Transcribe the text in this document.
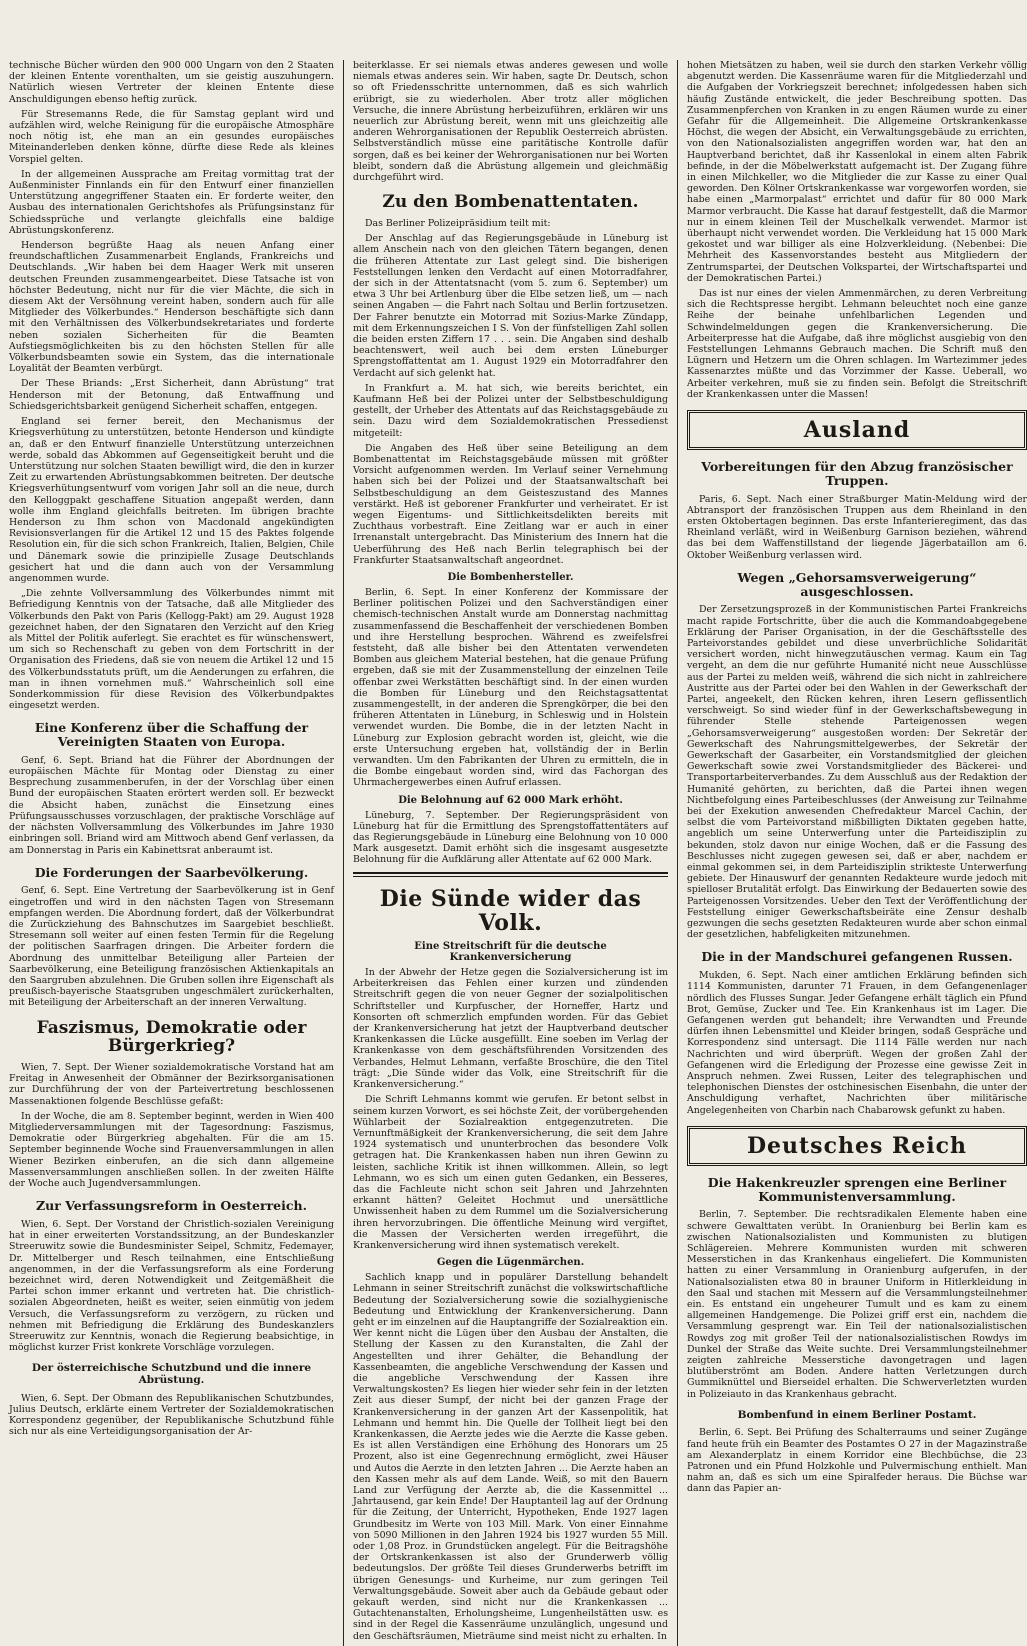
technische Bücher würden den 900 000 Ungarn von den 2 Staaten der kleinen Entente vorenthalten, um sie geistig auszuhungern. Natürlich wiesen Vertreter der kleinen Entente diese Anschuldigungen ebenso heftig zurück.

Für Stresemanns Rede, die für Samstag geplant wird und aufzählen wird, welche Reinigung für die europäische Atmosphäre noch nötig ist, ehe man an ein gesundes europäisches Miteinanderleben denken könne, dürfte diese Rede als kleines Vorspiel gelten.

In der allgemeinen Aussprache am Freitag vormittag trat der Außenminister Finnlands ein für den Entwurf einer finanziellen Unterstützung angegriffener Staaten ein. Er forderte weiter, den Ausbau des internationalen Gerichtshofes als Prüfungsinstanz für Schiedssprüche und verlangte gleichfalls eine baldige Abrüstungskonferenz.

Henderson begrüßte Haag als neuen Anfang einer freundschaftlichen Zusammenarbeit Englands, Frankreichs und Deutschlands. „Wir haben bei dem Haager Werk mit unseren deutschen Freunden zusammengearbeitet. Diese Tatsache ist von höchster Bedeutung, nicht nur für die vier Mächte, die sich in diesem Akt der Versöhnung vereint haben, sondern auch für alle Mitglieder des Völkerbundes.“ Henderson beschäftigte sich dann mit den Verhältnissen des Völkerbundsekretariates und forderte neben sozialen Sicherheiten für die Beamten Aufstiegsmöglichkeiten bis zu den höchsten Stellen für alle Völkerbundsbeamten sowie ein System, das die internationale Loyalität der Beamten verbürgt.

Der These Briands: „Erst Sicherheit, dann Abrüstung“ trat Henderson mit der Betonung, daß Entwaffnung und Schiedsgerichtsbarkeit genügend Sicherheit schaffen, entgegen.

England sei ferner bereit, den Mechanismus der Kriegsverhütung zu unterstützen, betonte Henderson und kündigte an, daß er den Entwurf finanzielle Unterstützung unterzeichnen werde, sobald das Abkommen auf Gegenseitigkeit beruht und die Unterstützung nur solchen Staaten bewilligt wird, die den in kurzer Zeit zu erwartenden Abrüstungsabkommen beitreten. Der deutsche Kriegsverhütungsentwurf vom vorigen Jahr soll an die neue, durch den Kelloggpakt geschaffene Situation angepaßt werden, dann wolle ihm England gleichfalls beitreten. Im übrigen brachte Henderson zu Ihm schon von Macdonald angekündigten Revisionsverlangen für die Artikel 12 und 15 des Paktes folgende Resolution ein, für die sich schon Frankreich, Italien, Belgien, Chile und Dänemark sowie die prinzipielle Zusage Deutschlands gesichert hat und die dann auch von der Versammlung angenommen wurde.

„Die zehnte Vollversammlung des Völkerbundes nimmt mit Befriedigung Kenntnis von der Tatsache, daß alle Mitglieder des Völkerbunds den Pakt von Paris (Kellogg-Pakt) am 29. August 1928 gezeichnet haben, der den Signataren den Verzicht auf den Krieg als Mittel der Politik auferlegt. Sie erachtet es für wünschenswert, um sich so Rechenschaft zu geben von dem Fortschritt in der Organisation des Friedens, daß sie von neuem die Artikel 12 und 15 des Völkerbundsstatuts prüft, um die Aenderungen zu erfahren, die man in ihnen vornehmen muß.“ Wahrscheinlich soll eine Sonderkommission für diese Revision des Völkerbundpaktes eingesetzt werden.

Eine Konferenz über die Schaffung der Vereinigten Staaten von Europa.

Genf, 6. Sept. Briand hat die Führer der Abordnungen der europäischen Mächte für Montag oder Dienstag zu einer Besprechung zusammenberufen, in der der Vorschlag über einen Bund der europäischen Staaten erörtert werden soll. Er bezweckt die Absicht haben, zunächst die Einsetzung eines Prüfungsausschusses vorzuschlagen, der praktische Vorschläge auf der nächsten Vollversammlung des Völkerbundes im Jahre 1930 einbringen soll. Briand wird am Mittwoch abend Genf verlassen, da am Donnerstag in Paris ein Kabinettsrat anberaumt ist.

Die Forderungen der Saarbevölkerung.

Genf, 6. Sept. Eine Vertretung der Saarbevölkerung ist in Genf eingetroffen und wird in den nächsten Tagen von Stresemann empfangen werden. Die Abordnung fordert, daß der Völkerbundrat die Zurückziehung des Bahnschutzes im Saargebiet beschließt. Stresemann soll weiter auf einen festen Termin für die Regelung der politischen Saarfragen dringen. Die Arbeiter fordern die Abordnung des unmittelbar Beteiligung aller Parteien der Saarbevölkerung, eine Beteiligung französischen Aktienkapitals an den Saargruben abzulehnen. Die Gruben sollen ihre Eigenschaft als preußisch-bayerische Staatsgruben ungeschmälert zurückerhalten, mit Beteiligung der Arbeiterschaft an der inneren Verwaltung.

Faszismus, Demokratie oder Bürgerkrieg?

Wien, 7. Sept. Der Wiener sozialdemokratische Vorstand hat am Freitag in Anwesenheit der Obmänner der Bezirksorganisationen zur Durchführung der von der Parteivertretung beschlossenen Massenaktionen folgende Beschlüsse gefaßt:

In der Woche, die am 8. September beginnt, werden in Wien 400 Mitgliederversammlungen mit der Tagesordnung: Faszismus, Demokratie oder Bürgerkrieg abgehalten. Für die am 15. September beginnende Woche sind Frauenversammlungen in allen Wiener Bezirken einberufen, an die sich dann allgemeine Massenversammlungen anschließen sollen. In der zweiten Hälfte der Woche auch Jugendversammlungen.

Zur Verfassungsreform in Oesterreich.

Wien, 6. Sept. Der Vorstand der Christlich-sozialen Vereinigung hat in einer erweiterten Vorstandssitzung, an der Bundeskanzler Streeruwitz sowie die Bundesminister Seipel, Schmitz, Fedemayer, Dr. Mittelberger und Resch teilnahmen, eine Entschließung angenommen, in der die Verfassungsreform als eine Forderung bezeichnet wird, deren Notwendigkeit und Zeitgemäßheit die Partei schon immer erkannt und vertreten hat. Die christlich-sozialen Abgeordneten, heißt es weiter, seien einmütig von jedem Versuch, die Verfassungsreform zu verzögern, zu rücken und nehmen mit Befriedigung die Erklärung des Bundeskanzlers Streeruwitz zur Kenntnis, wonach die Regierung beabsichtige, in möglichst kurzer Frist konkrete Vorschläge vorzulegen.

Der österreichische Schutzbund und die innere Abrüstung.

Wien, 6. Sept. Der Obmann des Republikanischen Schutzbundes, Julius Deutsch, erklärte einem Vertreter der Sozialdemokratischen Korrespondenz gegenüber, der Republikanische Schutzbund fühle sich nur als eine Verteidigungsorganisation der Ar-

beiterklasse. Er sei niemals etwas anderes gewesen und wolle niemals etwas anderes sein. Wir haben, sagte Dr. Deutsch, schon so oft Friedensschritte unternommen, daß es sich wahrlich erübrigt, sie zu wiederholen. Aber trotz aller möglichen Versuche, die innere Abrüstung herbeizuführen, erklären wir uns neuerlich zur Abrüstung bereit, wenn mit uns gleichzeitig alle anderen Wehrorganisationen der Republik Oesterreich abrüsten. Selbstverständlich müsse eine paritätische Kontrolle dafür sorgen, daß es bei keiner der Wehrorganisationen nur bei Worten bleibt, sondern daß die Abrüstung allgemein und gleichmäßig durchgeführt wird.

Zu den Bombenattentaten.

Das Berliner Polizeipräsidium teilt mit:

Der Anschlag auf das Regierungsgebäude in Lüneburg ist allem Anschein nach von den gleichen Tätern begangen, denen die früheren Attentate zur Last gelegt sind. Die bisherigen Feststellungen lenken den Verdacht auf einen Motorradfahrer, der sich in der Attentatsnacht (vom 5. zum 6. September) um etwa 3 Uhr bei Artlenburg über die Elbe setzen ließ, um — nach seinen Angaben — die Fahrt nach Soltau und Berlin fortzusetzen. Der Fahrer benutzte ein Motorrad mit Sozius-Marke Zündapp, mit dem Erkennungszeichen I S. Von der fünfstelligen Zahl sollen die beiden ersten Ziffern 17 . . . sein. Die Angaben sind deshalb beachtenswert, weil auch bei dem ersten Lüneburger Sprengstoffattentat am 1. August 1929 ein Motorradfahrer den Verdacht auf sich gelenkt hat.

In Frankfurt a. M. hat sich, wie bereits berichtet, ein Kaufmann Heß bei der Polizei unter der Selbstbeschuldigung gestellt, der Urheber des Attentats auf das Reichstagsgebäude zu sein. Dazu wird dem Sozialdemokratischen Pressedienst mitgeteilt:

Die Angaben des Heß über seine Beteiligung an dem Bombenattentat im Reichstagsgebäude müssen mit größter Vorsicht aufgenommen werden. Im Verlauf seiner Vernehmung haben sich bei der Polizei und der Staatsanwaltschaft bei Selbstbeschuldigung an dem Geisteszustand des Mannes verstärkt. Heß ist geborener Frankfurter und verheiratet. Er ist wegen Eigentums- und Sittlichkeitsdelikten bereits mit Zuchthaus vorbestraft. Eine Zeitlang war er auch in einer Irrenanstalt untergebracht. Das Ministerium des Innern hat die Ueberführung des Heß nach Berlin telegraphisch bei der Frankfurter Staatsanwaltschaft angeordnet.

Die Bombenhersteller.

Berlin, 6. Sept. In einer Konferenz der Kommissare der Berliner politischen Polizei und den Sachverständigen einer chemisch-technischen Anstalt wurde am Donnerstag nachmittag zusammenfassend die Beschaffenheit der verschiedenen Bomben und ihre Herstellung besprochen. Während es zweifelsfrei feststeht, daß alle bisher bei den Attentaten verwendeten Bomben aus gleichem Material bestehen, hat die genaue Prüfung ergeben, daß sie mit der Zusammenstellung der einzelnen Teile offenbar zwei Werkstätten beschäftigt sind. In der einen wurden die Bomben für Lüneburg und den Reichstagsattentat zusammengestellt, in der anderen die Sprengkörper, die bei den früheren Attentaten in Lüneburg, in Schleswig und in Holstein verwendet wurden. Die Bombe, die in der letzten Nacht in Lüneburg zur Explosion gebracht worden ist, gleicht, wie die erste Untersuchung ergeben hat, vollständig der in Berlin verwandten. Um den Fabrikanten der Uhren zu ermitteln, die in die Bombe eingebaut worden sind, wird das Fachorgan des Uhrmachergewerbes einen Aufruf erlassen.

Die Belohnung auf 62 000 Mark erhöht.

Lüneburg, 7. September. Der Regierungspräsident von Lüneburg hat für die Ermittlung des Sprengstoffattentäters auf das Regierungsgebäude in Lüneburg eine Belohnung von 10 000 Mark ausgesetzt. Damit erhöht sich die insgesamt ausgesetzte Belohnung für die Aufklärung aller Attentate auf 62 000 Mark.

Die Sünde wider das Volk.
Eine Streitschrift für die deutsche Krankenversicherung

In der Abwehr der Hetze gegen die Sozialversicherung ist im Arbeiterkreisen das Fehlen einer kurzen und zündenden Streitschrift gegen die von neuer Gegner der sozialpolitischen Schriftsteller und Kurpfuscher, der Horneffer, Hartz und Konsorten oft schmerzlich empfunden worden. Für das Gebiet der Krankenversicherung hat jetzt der Hauptverband deutscher Krankenkassen die Lücke ausgefüllt. Eine soeben im Verlag der Krankenkasse von dem geschäftsführenden Vorsitzenden des Verbandes, Helmut Lehmann, verfaßte Broschüre, die den Titel trägt: „Die Sünde wider das Volk, eine Streitschrift für die Krankenversicherung.“

Die Schrift Lehmanns kommt wie gerufen. Er betont selbst in seinem kurzen Vorwort, es sei höchste Zeit, der vorübergehenden Wühlarbeit der Sozialreaktion entgegenzutreten. Die Vernunftmäßigkeit der Krankenversicherung, die seit dem Jahre 1924 systematisch und ununterbrochen das besondere Volk getragen hat. Die Krankenkassen haben nun ihren Gewinn zu leisten, sachliche Kritik ist ihnen willkommen. Allein, so legt Lehmann, wo es sich um einen guten Gedanken, ein Besseres, das die Fachleute nicht schon seit Jahren und Jahrzehnten erkannt hätten? Geleitet Hochmut und unersättliche Unwissenheit haben zu dem Rummel um die Sozialversicherung ihren hervorzubringen. Die öffentliche Meinung wird vergiftet, die Massen der Versicherten werden irregeführt, die Krankenversicherung wird ihnen systematisch verekelt.

Gegen die Lügenmärchen.

Sachlich knapp und in populärer Darstellung behandelt Lehmann in seiner Streitschrift zunächst die volkswirtschaftliche Bedeutung der Sozialversicherung sowie die sozialhygienische Bedeutung und Entwicklung der Krankenversicherung. Dann geht er im einzelnen auf die Hauptangriffe der Sozialreaktion ein. Wer kennt nicht die Lügen über den Ausbau der Anstalten, die Stellung der Kassen zu den Kuranstalten, die Zahl der Angestellten und ihrer Gehälter, die Behandlung der Kassenbeamten, die angebliche Verschwendung der Kassen und die angebliche Verschwendung der Kassen ihre Verwaltungskosten? Es liegen hier wieder sehr fein in der letzten Zeit aus dieser Sumpf, der nicht bei der ganzen Frage der Krankenversicherung in der ganzen Art der Kassenpolitik, hat Lehmann und hemmt hin. Die Quelle der Tollheit liegt bei den Krankenkassen, die Aerzte jedes wie die Aerzte die Kasse geben. Es ist allen Verständigen eine Erhöhung des Honorars um 25 Prozent, also ist eine Gegenrechnung ermöglicht, zwei Häuser und Autos die Aerzte in den letzten Jahren ... Die Aerzte haben an den Kassen mehr als auf dem Lande. Weiß, so mit den Bauern Land zur Verfügung der Aerzte ab, die die Kassenmittel ... Jahrtausend, gar kein Ende! Der Hauptanteil lag auf der Ordnung für die Zeitung, der Unterricht, Hypotheken, Ende 1927 lagen Grundbesitz im Werte von 103 Mill. Mark. Von einer Einnahme von 5090 Millionen in den Jahren 1924 bis 1927 wurden 55 Mill. oder 1,08 Proz. in Grundstücken angelegt. Für die Beitragshöhe der Ortskrankenkassen ist also der Grunderwerb völlig bedeutungslos. Der größte Teil dieses Grunderwerbs betrifft im übrigen Genesungs- und Kurheime, nur zum geringen Teil Verwaltungsgebäude. Soweit aber auch da Gebäude gebaut oder gekauft werden, sind nicht nur die Krankenkassen ... Gutachtenanstalten, Erholungsheime, Lungenheilstätten usw. es sind in der Regel die Kassenräume unzulänglich, ungesund und den Geschäftsräumen, Mieträume sind meist nicht zu erhalten. In

hohen Mietsätzen zu haben, weil sie durch den starken Verkehr völlig abgenutzt werden. Die Kassenräume waren für die Mitgliederzahl und die Aufgaben der Vorkriegszeit berechnet; infolgedessen haben sich häufig Zustände entwickelt, die jeder Beschreibung spotten. Das Zusammenpferchen von Kranken in zu engen Räumen wurde zu einer Gefahr für die Allgemeinheit. Die Allgemeine Ortskrankenkasse Höchst, die wegen der Absicht, ein Verwaltungsgebäude zu errichten, von den Nationalsozialisten angegriffen worden war, hat den an Hauptverband berichtet, daß ihr Kassenlokal in einem alten Fabrik befinde, in der die Möbelwerkstatt aufgemacht ist. Der Zugang führe in einen Milchkeller, wo die Mitglieder die zur Kasse zu einer Qual geworden. Den Kölner Ortskrankenkasse war vorgeworfen worden, sie habe einen „Marmorpalast“ errichtet und dafür für 80 000 Mark Marmor verbraucht. Die Kasse hat darauf festgestellt, daß die Marmor nur in einem kleinen Teil der Muschelkalk verwendet. Marmor ist überhaupt nicht verwendet worden. Die Verkleidung hat 15 000 Mark gekostet und war billiger als eine Holzverkleidung. (Nebenbei: Die Mehrheit des Kassenvorstandes besteht aus Mitgliedern der Zentrumspartei, der Deutschen Volkspartei, der Wirtschaftspartei und der Demokratischen Partei.)

Das ist nur eines der vielen Ammenmärchen, zu deren Verbreitung sich die Rechtspresse hergibt. Lehmann beleuchtet noch eine ganze Reihe der beinahe unfehlbarlichen Legenden und Schwindelmeldungen gegen die Krankenversicherung. Die Arbeiterpresse hat die Aufgabe, daß ihre möglichst ausgiebig von den Feststellungen Lehmanns Gebrauch machen. Die Schrift muß den Lügnern und Hetzern um die Ohren schlagen. Im Wartezimmer jedes Kassenarztes müßte und das Vorzimmer der Kasse. Ueberall, wo Arbeiter verkehren, muß sie zu finden sein. Befolgt die Streitschrift der Krankenkassen unter die Massen!

Ausland
Vorbereitungen für den Abzug französischer Truppen.

Paris, 6. Sept. Nach einer Straßburger Matin-Meldung wird der Abtransport der französischen Truppen aus dem Rheinland in den ersten Oktobertagen beginnen. Das erste Infanterieregiment, das das Rheinland verläßt, wird in Weißenburg Garnison beziehen, während das bei dem Waffenstillstand der liegende Jägerbataillon am 6. Oktober Weißenburg verlassen wird.

Wegen „Gehorsamsverweigerung“ ausgeschlossen.

Der Zersetzungsprozeß in der Kommunistischen Partei Frankreichs macht rapide Fortschritte, über die auch die Kommandoabgegebene Erklärung der Pariser Organisation, in der die Geschäftsstelle des Parteivorstandes gebildet und diese unverbrüchliche Solidarität versichert worden, nicht hinwegzutäuschen vermag. Kaum ein Tag vergeht, an dem die nur geführte Humanité nicht neue Ausschlüsse aus der Partei zu melden weiß, während die sich nicht in zahlreichere Austritte aus der Partei oder bei den Wahlen in der Gewerkschaft der Partei, angeekelt, den Rücken kehren, ihren Lesern geflissentlich verschweigt. So sind wieder fünf in der Gewerkschaftsbewegung in führender Stelle stehende Parteigenossen wegen „Gehorsamsverweigerung“ ausgestoßen worden: Der Sekretär der Gewerkschaft des Nahrungsmittelgewerbes, der Sekretär der Gewerkschaft der Gasarbeiter, ein Vorstandsmitglied der gleichen Gewerkschaft sowie zwei Vorstandsmitglieder des Bäckerei- und Transportarbeiterverbandes. Zu dem Ausschluß aus der Redaktion der Humanité gehörten, zu berichten, daß die Partei ihnen wegen Nichtbefolgung eines Parteibeschlusses (der Anweisung zur Teilnahme bei der Exekution anwesenden Chefredakteur Marcel Cachin, der selbst die vom Parteivorstand mißbilligten Diktaten gegeben hatte, angeblich um seine Unterwerfung unter die Parteidisziplin zu bekunden, stolz davon nur einige Wochen, daß er die Fassung des Beschlusses nicht zugegen gewesen sei, daß er aber, nachdem er einmal gekommen sei, in dem Parteidisziplin strikteste Unterwerfung gebiete. Der Hinauswurf der genannten Redakteure wurde jedoch mit spielloser Brutalität erfolgt. Das Einwirkung der Bedauerten sowie des Parteigenossen Vorsitzendes. Ueber den Text der Veröffentlichung der Feststellung einiger Gewerkschaftsbeiräte eine Zensur deshalb gezwungen die sechs gesetzten Redakteuren wurde aber schon einmal der gesetzlichen, habfeligkeiten mitzunehmen.

Die in der Mandschurei gefangenen Russen.

Mukden, 6. Sept. Nach einer amtlichen Erklärung befinden sich 1114 Kommunisten, darunter 71 Frauen, in dem Gefangenenlager nördlich des Flusses Sungar. Jeder Gefangene erhält täglich ein Pfund Brot, Gemüse, Zucker und Tee. Ein Krankenhaus ist im Lager. Die Gefangenen werden gut behandelt; ihre Verwandten und Freunde dürfen ihnen Lebensmittel und Kleider bringen, sodaß Gespräche und Korrespondenz sind untersagt. Die 1114 Fälle werden nur nach Nachrichten und wird überprüft. Wegen der großen Zahl der Gefangenen wird die Erledigung der Prozesse eine gewisse Zeit in Anspruch nehmen. Zwei Russen, Leiter des telegraphischen und telephonischen Dienstes der ostchinesischen Eisenbahn, die unter der Anschuldigung verhaftet, Nachrichten über militärische Angelegenheiten von Charbin nach Chabarowsk gefunkt zu haben.

Deutsches Reich
Die Hakenkreuzler sprengen eine Berliner Kommunistenversammlung.

Berlin, 7. September. Die rechtsradikalen Elemente haben eine schwere Gewalttaten verübt. In Oranienburg bei Berlin kam es zwischen Nationalsozialisten und Kommunisten zu blutigen Schlägereien. Mehrere Kommunisten wurden mit schweren Messerstichen in das Krankenhaus eingeliefert. Die Kommunisten hatten zu einer Versammlung in Oranienburg aufgerufen, in der Nationalsozialisten etwa 80 in brauner Uniform in Hitlerkleidung in den Saal und stachen mit Messern auf die Versammlungsteilnehmer ein. Es entstand ein ungeheurer Tumult und es kam zu einem allgemeinen Handgemenge. Die Polizei griff erst ein, nachdem die Versammlung gesprengt war. Ein Teil der nationalsozialistischen Rowdys zog mit großer Teil der nationalsozialistischen Rowdys im Dunkel der Straße das Weite suchte. Drei Versammlungsteilnehmer zeigten zahlreiche Messerstiche davongetragen und lagen blutüberströmt am Boden. Andere hatten Verletzungen durch Gummiknüttel und Bierseidel erhalten. Die Schwerverletzten wurden in Polizeiauto in das Krankenhaus gebracht.

Bombenfund in einem Berliner Postamt.

Berlin, 6. Sept. Bei Prüfung des Schalterraums und seiner Zugänge fand heute früh ein Beamter des Postamtes O 27 in der Magazinstraße am Alexanderplatz in einem Korridor eine Blechbüchse, die 23 Patronen und ein Pfund Holzkohle und Pulvermischung enthielt. Man nahm an, daß es sich um eine Spiralfeder heraus. Die Büchse war dann das Papier an-
